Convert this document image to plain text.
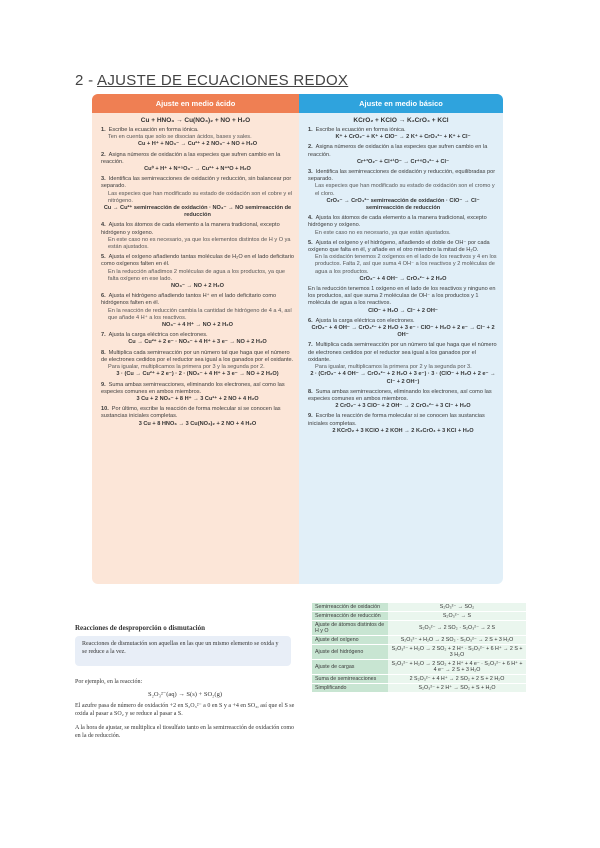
2 - AJUSTE DE ECUACIONES REDOX
Ajuste en medio ácido
Cu + HNO₃ → Cu(NO₃)₂ + NO + H₂O
1. Escribe la ecuación en forma iónica.
Ten en cuenta que solo se disocian ácidos, bases y sales.
Cu + H⁺ + NO₃⁻ → Cu²⁺ + 2 NO₃⁻ + NO + H₂O
2. Asigna números de oxidación a las especies que sufren cambio en la reacción.
Cu⁰ + H⁺ + N⁺⁵O₃⁻ → Cu²⁺ + N⁺²O + H₂O
3. Identifica las semirreacciones de oxidación y reducción, sin balancear por separado.
Las especies que han modificado su estado de oxidación son el cobre y el nitrógeno.
Cu → Cu²⁺ semirreacción de oxidación · NO₃⁻ → NO semirreacción de reducción
4. Ajusta los átomos de cada elemento a la manera tradicional, excepto hidrógeno y oxígeno.
En este caso no es necesario, ya que los elementos distintos de H y O ya están ajustados.
5. Ajusta el oxígeno añadiendo tantas moléculas de H₂O en el lado deficitario como oxígenos falten en él.
En la reducción añadimos 2 moléculas de agua a los productos, ya que falta oxígeno en ese lado.
NO₃⁻ → NO + 2 H₂O
6. Ajusta el hidrógeno añadiendo tantos H⁺ en el lado deficitario como hidrógenos falten en él.
En la reacción de reducción cambia la cantidad de hidrógeno de 4 a 4, así que añade 4 H⁺ a los reactivos.
NO₃⁻ + 4 H⁺ → NO + 2 H₂O
7. Ajusta la carga eléctrica con electrones.
Cu → Cu²⁺ + 2 e⁻ · NO₃⁻ + 4 H⁺ + 3 e⁻ → NO + 2 H₂O
8. Multiplica cada semirreacción por un número tal que haga que el número de electrones cedidos por el reductor sea igual a los ganados por el oxidante.
Para igualar, multiplicamos la primera por 3 y la segunda por 2.
3 · (Cu → Cu²⁺ + 2 e⁻) · 2 · (NO₃⁻ + 4 H⁺ + 3 e⁻ → NO + 2 H₂O)
9. Suma ambas semirreacciones, eliminando los electrones, así como las especies comunes en ambos miembros.
3 Cu + 2 NO₃⁻ + 8 H⁺ → 3 Cu²⁺ + 2 NO + 4 H₂O
10. Por último, escribe la reacción de forma molecular si se conocen las sustancias iniciales completas.
3 Cu + 8 HNO₃ → 3 Cu(NO₃)₂ + 2 NO + 4 H₂O
Ajuste en medio básico
KCrO₂ + KClO → K₂CrO₄ + KCl
1. Escribe la ecuación en forma iónica.
K⁺ + CrO₂⁻ + K⁺ + ClO⁻ → 2 K⁺ + CrO₄²⁻ + K⁺ + Cl⁻
2. Asigna números de oxidación a las especies que sufren cambio en la reacción.
Cr⁺³O₂⁻ + Cl⁺¹O⁻ → Cr⁺⁶O₄²⁻ + Cl⁻
3. Identifica las semirreacciones de oxidación y reducción, equilibradas por separado.
Las especies que han modificado su estado de oxidación son el cromo y el cloro.
CrO₂⁻ → CrO₄²⁻ semirreacción de oxidación · ClO⁻ → Cl⁻ semirreacción de reducción
4. Ajusta los átomos de cada elemento a la manera tradicional, excepto hidrógeno y oxígeno.
En este caso no es necesario, ya que están ajustados.
5. Ajusta el oxígeno y el hidrógeno, añadiendo el doble de OH⁻ por cada oxígeno que falta en él, y añade en el otro miembro la mitad de H₂O.
En la oxidación tenemos 2 oxígenos en el lado de los reactivos y 4 en los productos. Falta 2, así que suma 4 OH⁻ a los reactivos y 2 moléculas de agua a los productos.
CrO₂⁻ + 4 OH⁻ → CrO₄²⁻ + 2 H₂O
En la reducción tenemos 1 oxígeno en el lado de los reactivos y ninguno en los productos, así que suma 2 moléculas de OH⁻ a los productos y 1 molécula de agua a los reactivos.
ClO⁻ + H₂O → Cl⁻ + 2 OH⁻
6. Ajusta la carga eléctrica con electrones.
CrO₂⁻ + 4 OH⁻ → CrO₄²⁻ + 2 H₂O + 3 e⁻ · ClO⁻ + H₂O + 2 e⁻ → Cl⁻ + 2 OH⁻
7. Multiplica cada semirreacción por un número tal que haga que el número de electrones cedidos por el reductor sea igual a los ganados por el oxidante.
Para igualar, multiplicamos la primera por 2 y la segunda por 3.
2 · (CrO₂⁻ + 4 OH⁻ → CrO₄²⁻ + 2 H₂O + 3 e⁻) · 3 · (ClO⁻ + H₂O + 2 e⁻ → Cl⁻ + 2 OH⁻)
8. Suma ambas semirreacciones, eliminando los electrones, así como las especies comunes en ambos miembros.
2 CrO₂⁻ + 3 ClO⁻ + 2 OH⁻ → 2 CrO₄²⁻ + 3 Cl⁻ + H₂O
9. Escribe la reacción de forma molecular si se conocen las sustancias iniciales completas.
2 KCrO₂ + 3 KClO + 2 KOH → 2 K₂CrO₄ + 3 KCl + H₂O
Reacciones de desproporción o dismutación
Reacciones de dismutación son aquellas en las que un mismo elemento se oxida y se reduce a la vez.
Por ejemplo, en la reacción:
S₂O₃²⁻(aq) → S(s) + SO₂(g)
El azufre pasa de número de oxidación +2 en S₂O₃²⁻ a 0 en S y a +4 en SO₂, así que el S se oxida al pasar a SO₂ y se reduce al pasar a S.
A la hora de ajustar, se multiplica el tiosulfato tanto en la semirreacción de oxidación como en la de reducción.
Semirreacción de oxidación	S₂O₃²⁻ → SO₂
Semirreacción de reducción	S₂O₃²⁻ → S
Ajuste de átomos distintos de H y O	S₂O₃²⁻ → 2 SO₂ · S₂O₃²⁻ → 2 S
Ajuste del oxígeno	S₂O₃²⁻ + H₂O → 2 SO₂ · S₂O₃²⁻ → 2 S + 3 H₂O
Ajuste del hidrógeno	S₂O₃²⁻ + H₂O → 2 SO₂ + 2 H⁺ · S₂O₃²⁻ + 6 H⁺ → 2 S + 3 H₂O
Ajuste de cargas	S₂O₃²⁻ + H₂O → 2 SO₂ + 2 H⁺ + 4 e⁻ · S₂O₃²⁻ + 6 H⁺ + 4 e⁻ → 2 S + 3 H₂O
Suma de semirreacciones	2 S₂O₃²⁻ + 4 H⁺ → 2 SO₂ + 2 S + 2 H₂O
Simplificando	S₂O₃²⁻ + 2 H⁺ → SO₂ + S + H₂O
